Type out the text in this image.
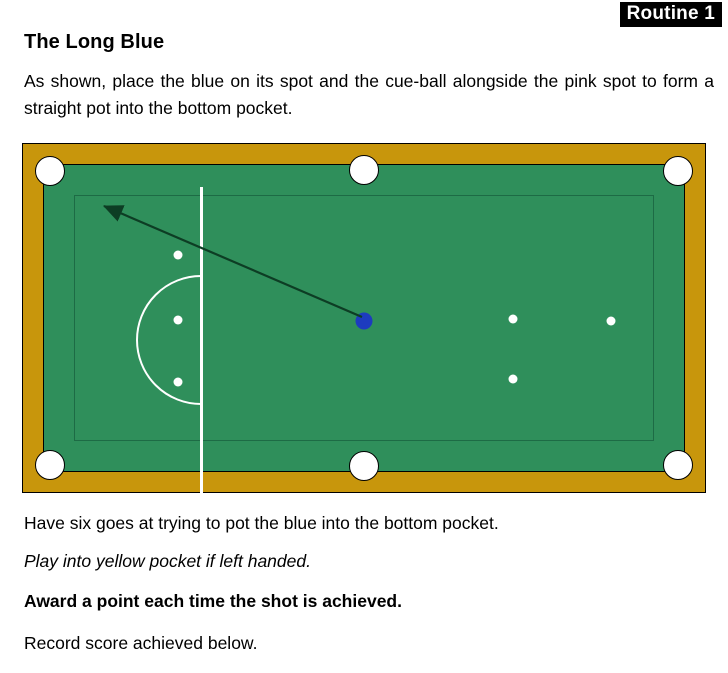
Routine 1
The Long Blue
As shown, place the blue on its spot and the cue-ball alongside the pink spot to form a straight pot into the bottom pocket.
Have six goes at trying to pot the blue into the bottom pocket.
Play into yellow pocket if left handed.
Award a point each time the shot is achieved.
Record score achieved below.
